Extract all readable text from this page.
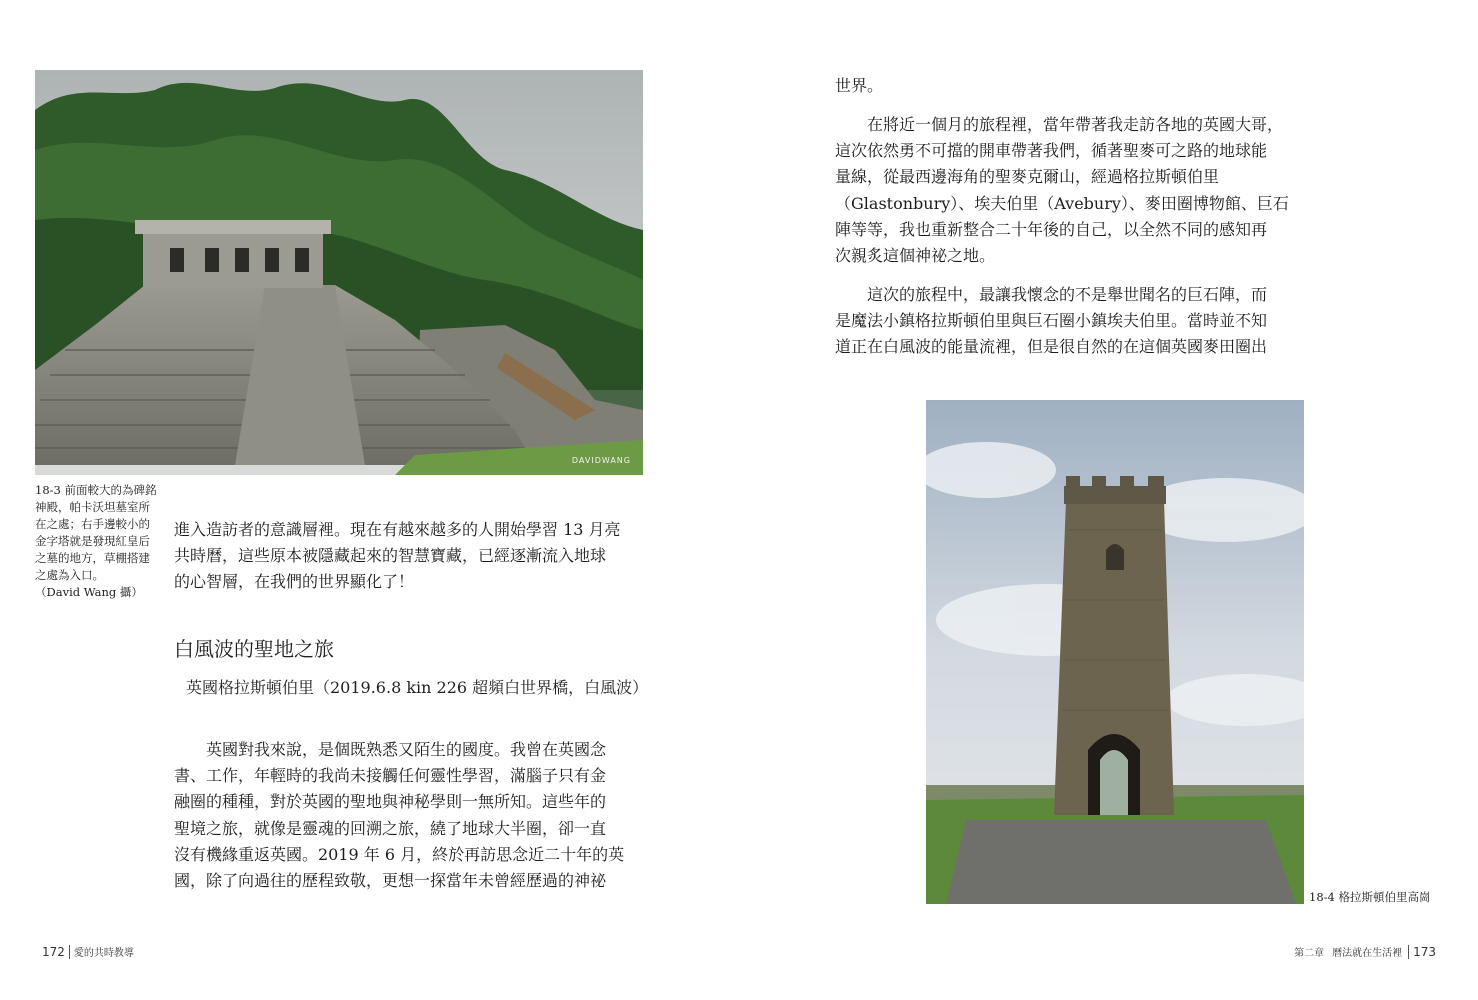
DAVIDWANG
18-3 前面較大的為碑銘
神殿，帕卡沃坦墓室所
在之處；右手邊較小的
金字塔就是發現紅皇后
之墓的地方，草棚搭建
之處為入口。
（David Wang 攝）
進入造訪者的意識層裡。現在有越來越多的人開始學習 13 月亮
共時曆，這些原本被隱藏起來的智慧寶藏，已經逐漸流入地球
的心智層，在我們的世界顯化了！
白風波的聖地之旅
英國格拉斯頓伯里（2019.6.8 kin 226 超頻白世界橋，白風波）
　　英國對我來說，是個既熟悉又陌生的國度。我曾在英國念
書、工作，年輕時的我尚未接觸任何靈性學習，滿腦子只有金
融圈的種種，對於英國的聖地與神秘學則一無所知。這些年的
聖境之旅，就像是靈魂的回溯之旅，繞了地球大半圈，卻一直
沒有機緣重返英國。2019 年 6 月，終於再訪思念近二十年的英
國，除了向過往的歷程致敬，更想一探當年未曾經歷過的神祕
172 愛的共時教導
世界。
　　在將近一個月的旅程裡，當年帶著我走訪各地的英國大哥，
這次依然勇不可擋的開車帶著我們，循著聖麥可之路的地球能
量線，從最西邊海角的聖麥克爾山，經過格拉斯頓伯里
（Glastonbury）、埃夫伯里（Avebury）、麥田圈博物館、巨石
陣等等，我也重新整合二十年後的自己，以全然不同的感知再
次親炙這個神祕之地。
　　這次的旅程中，最讓我懷念的不是舉世聞名的巨石陣，而
是魔法小鎮格拉斯頓伯里與巨石圈小鎮埃夫伯里。當時並不知
道正在白風波的能量流裡，但是很自然的在這個英國麥田圈出
18-4 格拉斯頓伯里高崗
第二章 曆法就在生活裡 173
